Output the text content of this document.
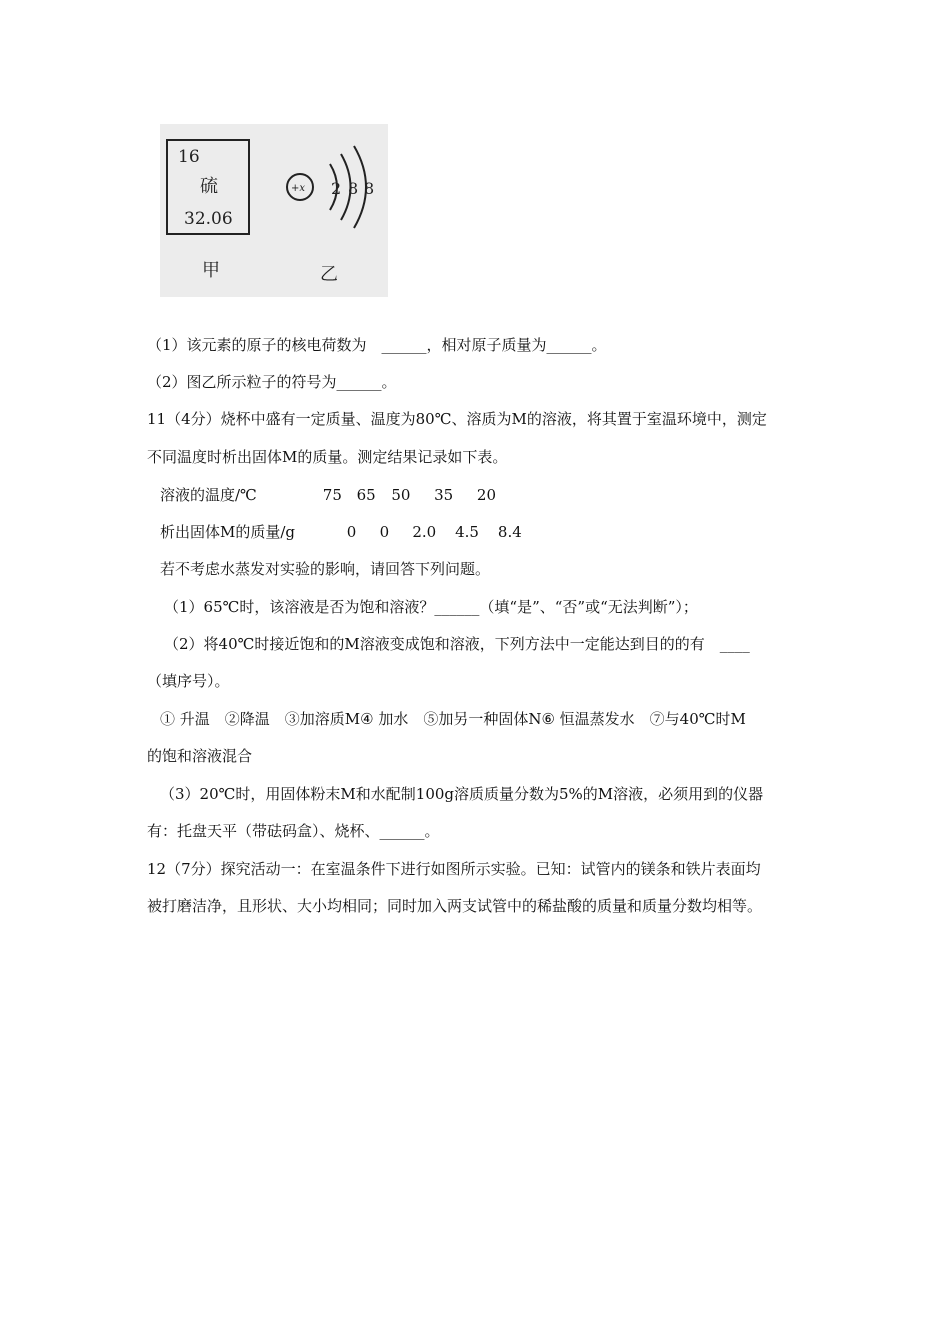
16
硫
32.06
+x 2 8 8
甲	乙
（1）该元素的原子的核电荷数为　______，相对原子质量为______。
（2）图乙所示粒子的符号为______。
11（4分）烧杯中盛有一定质量、温度为80℃、溶质为M的溶液，将其置于室温环境中，测定
不同温度时析出固体M的质量。测定结果记录如下表。
溶液的温度/℃	75 65 50 35 20
析出固体M的质量/g	0 0 2.0 4.5 8.4
若不考虑水蒸发对实验的影响，请回答下列问题。
（1）65℃时，该溶液是否为饱和溶液？______（填“是”、“否”或“无法判断”）；
（2）将40℃时接近饱和的M溶液变成饱和溶液，下列方法中一定能达到目的的有　____
（填序号）。
① 升温　②降温　③加溶质M④ 加水　⑤加另一种固体N⑥ 恒温蒸发水　⑦与40℃时M
的饱和溶液混合
（3）20℃时，用固体粉末M和水配制100g溶质质量分数为5%的M溶液，必须用到的仪器
有：托盘天平（带砝码盒）、烧杯、______。
12（7分）探究活动一：在室温条件下进行如图所示实验。已知：试管内的镁条和铁片表面均
被打磨洁净，且形状、大小均相同；同时加入两支试管中的稀盐酸的质量和质量分数均相等。
